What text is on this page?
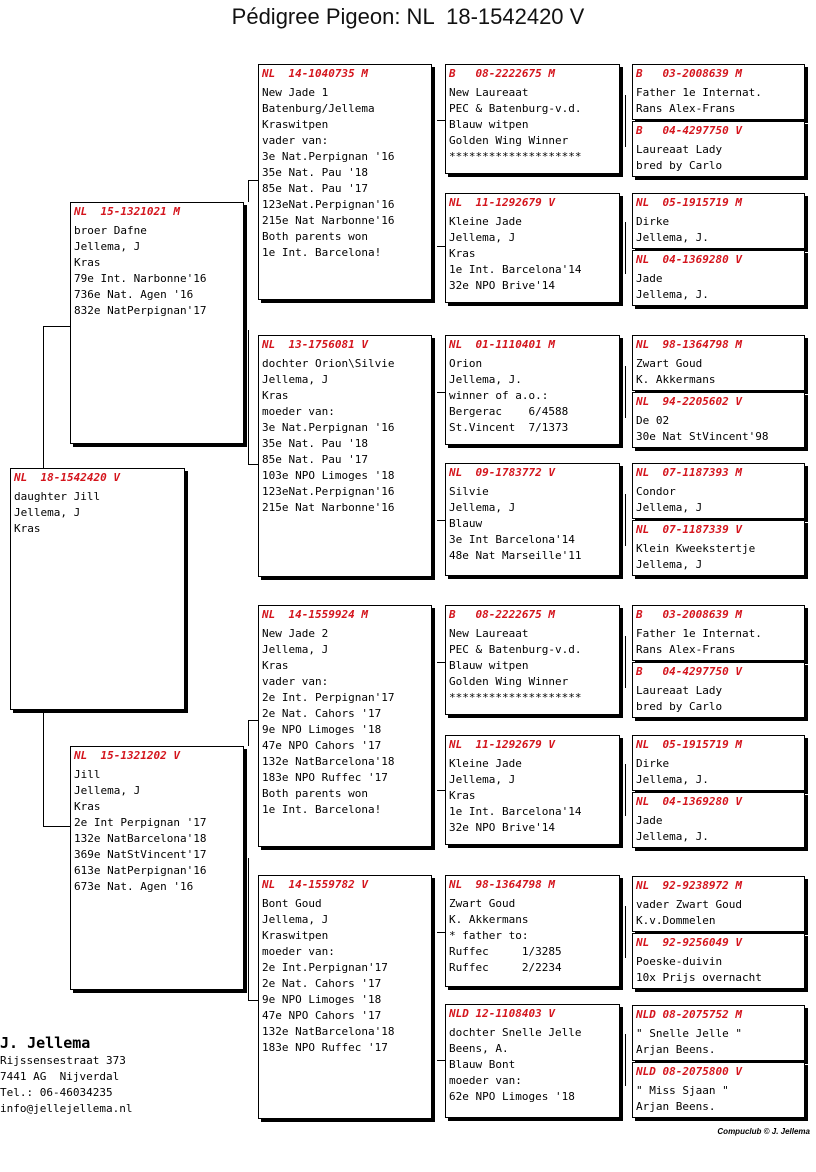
Pédigree Pigeon: NL  18-1542420 V
NL  18-1542420 V
daughter Jill
Jellema, J
Kras
NL  15-1321021 M
broer Dafne
Jellema, J
Kras
79e Int. Narbonne'16
736e Nat. Agen '16
832e NatPerpignan'17
NL  15-1321202 V
Jill
Jellema, J
Kras
2e Int Perpignan '17
132e NatBarcelona'18
369e NatStVincent'17
613e NatPerpignan'16
673e Nat. Agen '16
NL  14-1040735 M
New Jade 1
Batenburg/Jellema
Kraswitpen
vader van:
3e Nat.Perpignan '16
35e Nat. Pau '18
85e Nat. Pau '17
123eNat.Perpignan'16
215e Nat Narbonne'16
Both parents won
1e Int. Barcelona!
NL  13-1756081 V
dochter Orion\Silvie
Jellema, J
Kras
moeder van:
3e Nat.Perpignan '16
35e Nat. Pau '18
85e Nat. Pau '17
103e NPO Limoges '18
123eNat.Perpignan'16
215e Nat Narbonne'16
NL  14-1559924 M
New Jade 2
Jellema, J
Kras
vader van:
2e Int. Perpignan'17
2e Nat. Cahors '17
9e NPO Limoges '18
47e NPO Cahors '17
132e NatBarcelona'18
183e NPO Ruffec '17
Both parents won
1e Int. Barcelona!
NL  14-1559782 V
Bont Goud
Jellema, J
Kraswitpen
moeder van:
2e Int.Perpignan'17
2e Nat. Cahors '17
9e NPO Limoges '18
47e NPO Cahors '17
132e NatBarcelona'18
183e NPO Ruffec '17
B   08-2222675 M
New Laureaat
PEC & Batenburg-v.d.
Blauw witpen
Golden Wing Winner
********************
NL  11-1292679 V
Kleine Jade
Jellema, J
Kras
1e Int. Barcelona'14
32e NPO Brive'14
NL  01-1110401 M
Orion
Jellema, J.
winner of a.o.:
Bergerac    6/4588
St.Vincent  7/1373
NL  09-1783772 V
Silvie
Jellema, J
Blauw
3e Int Barcelona'14
48e Nat Marseille'11
B   08-2222675 M
New Laureaat
PEC & Batenburg-v.d.
Blauw witpen
Golden Wing Winner
********************
NL  11-1292679 V
Kleine Jade
Jellema, J
Kras
1e Int. Barcelona'14
32e NPO Brive'14
NL  98-1364798 M
Zwart Goud
K. Akkermans
* father to:
Ruffec     1/3285
Ruffec     2/2234
NLD 12-1108403 V
dochter Snelle Jelle
Beens, A.
Blauw Bont
moeder van:
62e NPO Limoges '18
B   03-2008639 M
Father 1e Internat.
Rans Alex-Frans
B   04-4297750 V
Laureaat Lady
bred by Carlo
NL  05-1915719 M
Dirke
Jellema, J.
NL  04-1369280 V
Jade
Jellema, J.
NL  98-1364798 M
Zwart Goud
K. Akkermans
NL  94-2205602 V
De 02
30e Nat StVincent'98
NL  07-1187393 M
Condor
Jellema, J
NL  07-1187339 V
Klein Kweekstertje
Jellema, J
B   03-2008639 M
Father 1e Internat.
Rans Alex-Frans
B   04-4297750 V
Laureaat Lady
bred by Carlo
NL  05-1915719 M
Dirke
Jellema, J.
NL  04-1369280 V
Jade
Jellema, J.
NL  92-9238972 M
vader Zwart Goud
K.v.Dommelen
NL  92-9256049 V
Poeske-duivin
10x Prijs overnacht
NLD 08-2075752 M
" Snelle Jelle "
Arjan Beens.
NLD 08-2075800 V
" Miss Sjaan "
Arjan Beens.
J. Jellema
Rijssensestraat 373
7441 AG  Nijverdal
Tel.: 06-46034235
info@jellejellema.nl
Compuclub © J. Jellema
